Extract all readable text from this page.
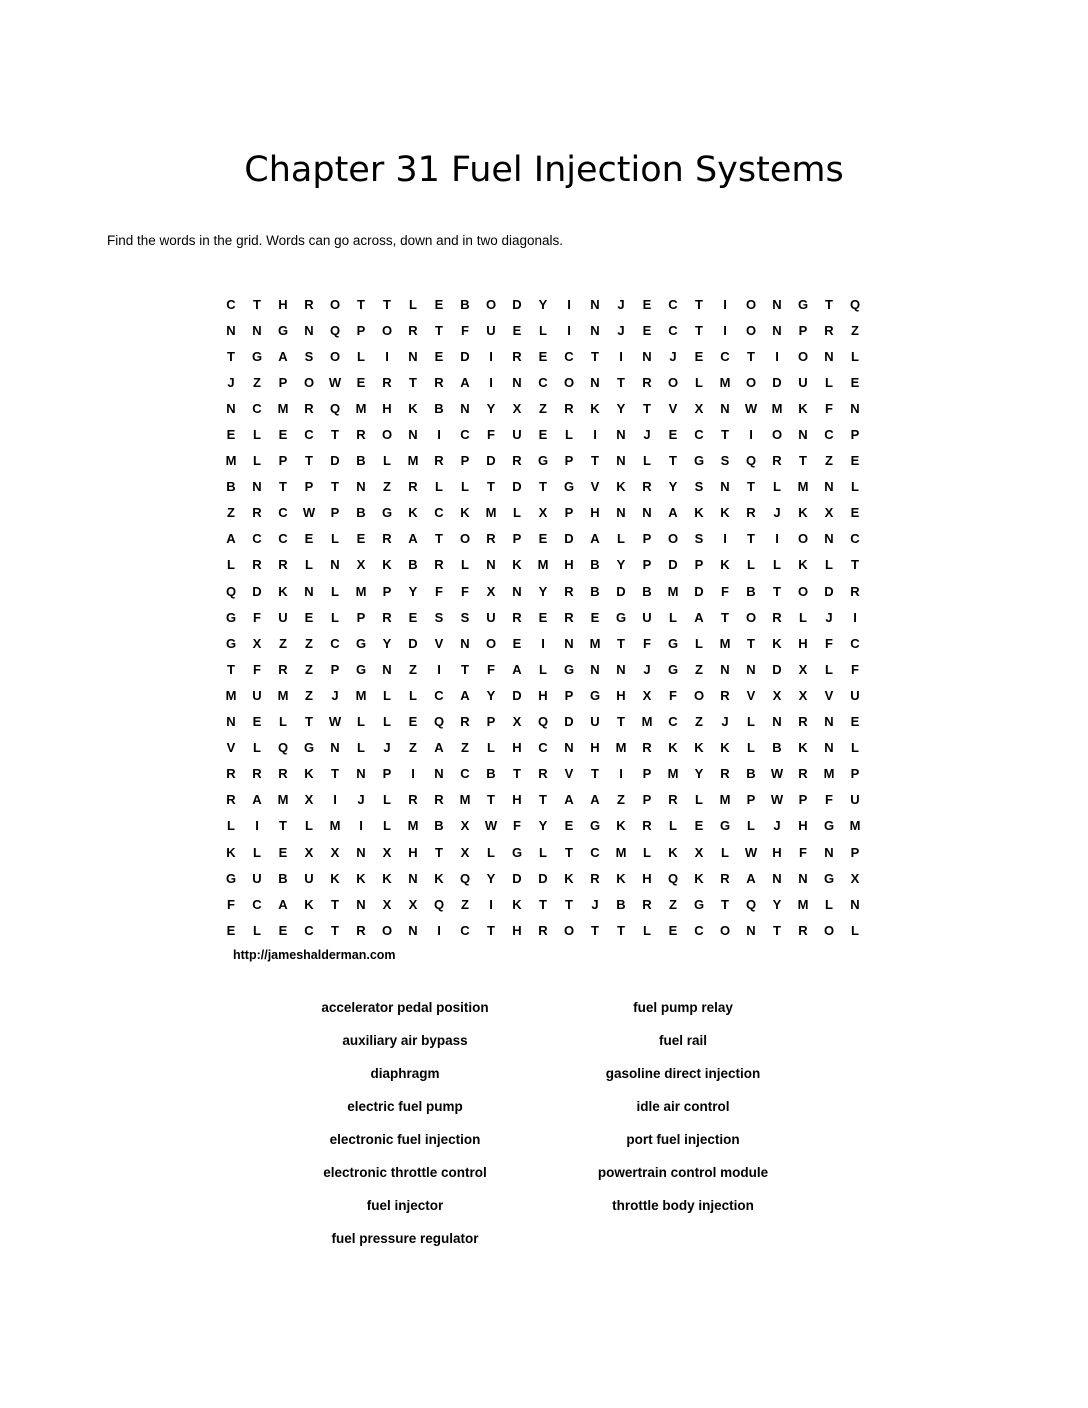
Chapter 31 Fuel Injection Systems
Find the words in the grid. Words can go across, down and in two diagonals.
C	T	H	R	O	T	T	L	E	B	O	D	Y	I	N	J	E	C	T	I	O	N	G	T	Q
N	N	G	N	Q	P	O	R	T	F	U	E	L	I	N	J	E	C	T	I	O	N	P	R	Z
T	G	A	S	O	L	I	N	E	D	I	R	E	C	T	I	N	J	E	C	T	I	O	N	L
J	Z	P	O	W	E	R	T	R	A	I	N	C	O	N	T	R	O	L	M	O	D	U	L	E
N	C	M	R	Q	M	H	K	B	N	Y	X	Z	R	K	Y	T	V	X	N	W	M	K	F	N
E	L	E	C	T	R	O	N	I	C	F	U	E	L	I	N	J	E	C	T	I	O	N	C	P
M	L	P	T	D	B	L	M	R	P	D	R	G	P	T	N	L	T	G	S	Q	R	T	Z	E
B	N	T	P	T	N	Z	R	L	L	T	D	T	G	V	K	R	Y	S	N	T	L	M	N	L
Z	R	C	W	P	B	G	K	C	K	M	L	X	P	H	N	N	A	K	K	R	J	K	X	E
A	C	C	E	L	E	R	A	T	O	R	P	E	D	A	L	P	O	S	I	T	I	O	N	C
L	R	R	L	N	X	K	B	R	L	N	K	M	H	B	Y	P	D	P	K	L	L	K	L	T
Q	D	K	N	L	M	P	Y	F	F	X	N	Y	R	B	D	B	M	D	F	B	T	O	D	R
G	F	U	E	L	P	R	E	S	S	U	R	E	R	E	G	U	L	A	T	O	R	L	J	I
G	X	Z	Z	C	G	Y	D	V	N	O	E	I	N	M	T	F	G	L	M	T	K	H	F	C
T	F	R	Z	P	G	N	Z	I	T	F	A	L	G	N	N	J	G	Z	N	N	D	X	L	F
M	U	M	Z	J	M	L	L	C	A	Y	D	H	P	G	H	X	F	O	R	V	X	X	V	U
N	E	L	T	W	L	L	E	Q	R	P	X	Q	D	U	T	M	C	Z	J	L	N	R	N	E
V	L	Q	G	N	L	J	Z	A	Z	L	H	C	N	H	M	R	K	K	K	L	B	K	N	L
R	R	R	K	T	N	P	I	N	C	B	T	R	V	T	I	P	M	Y	R	B	W	R	M	P
R	A	M	X	I	J	L	R	R	M	T	H	T	A	A	Z	P	R	L	M	P	W	P	F	U
L	I	T	L	M	I	L	M	B	X	W	F	Y	E	G	K	R	L	E	G	L	J	H	G	M
K	L	E	X	X	N	X	H	T	X	L	G	L	T	C	M	L	K	X	L	W	H	F	N	P
G	U	B	U	K	K	K	N	K	Q	Y	D	D	K	R	K	H	Q	K	R	A	N	N	G	X
F	C	A	K	T	N	X	X	Q	Z	I	K	T	T	J	B	R	Z	G	T	Q	Y	M	L	N
E	L	E	C	T	R	O	N	I	C	T	H	R	O	T	T	L	E	C	O	N	T	R	O	L
http://jameshalderman.com
accelerator pedal position
auxiliary air bypass
diaphragm
electric fuel pump
electronic fuel injection
electronic throttle control
fuel injector
fuel pressure regulator
fuel pump relay
fuel rail
gasoline direct injection
idle air control
port fuel injection
powertrain control module
throttle body injection
